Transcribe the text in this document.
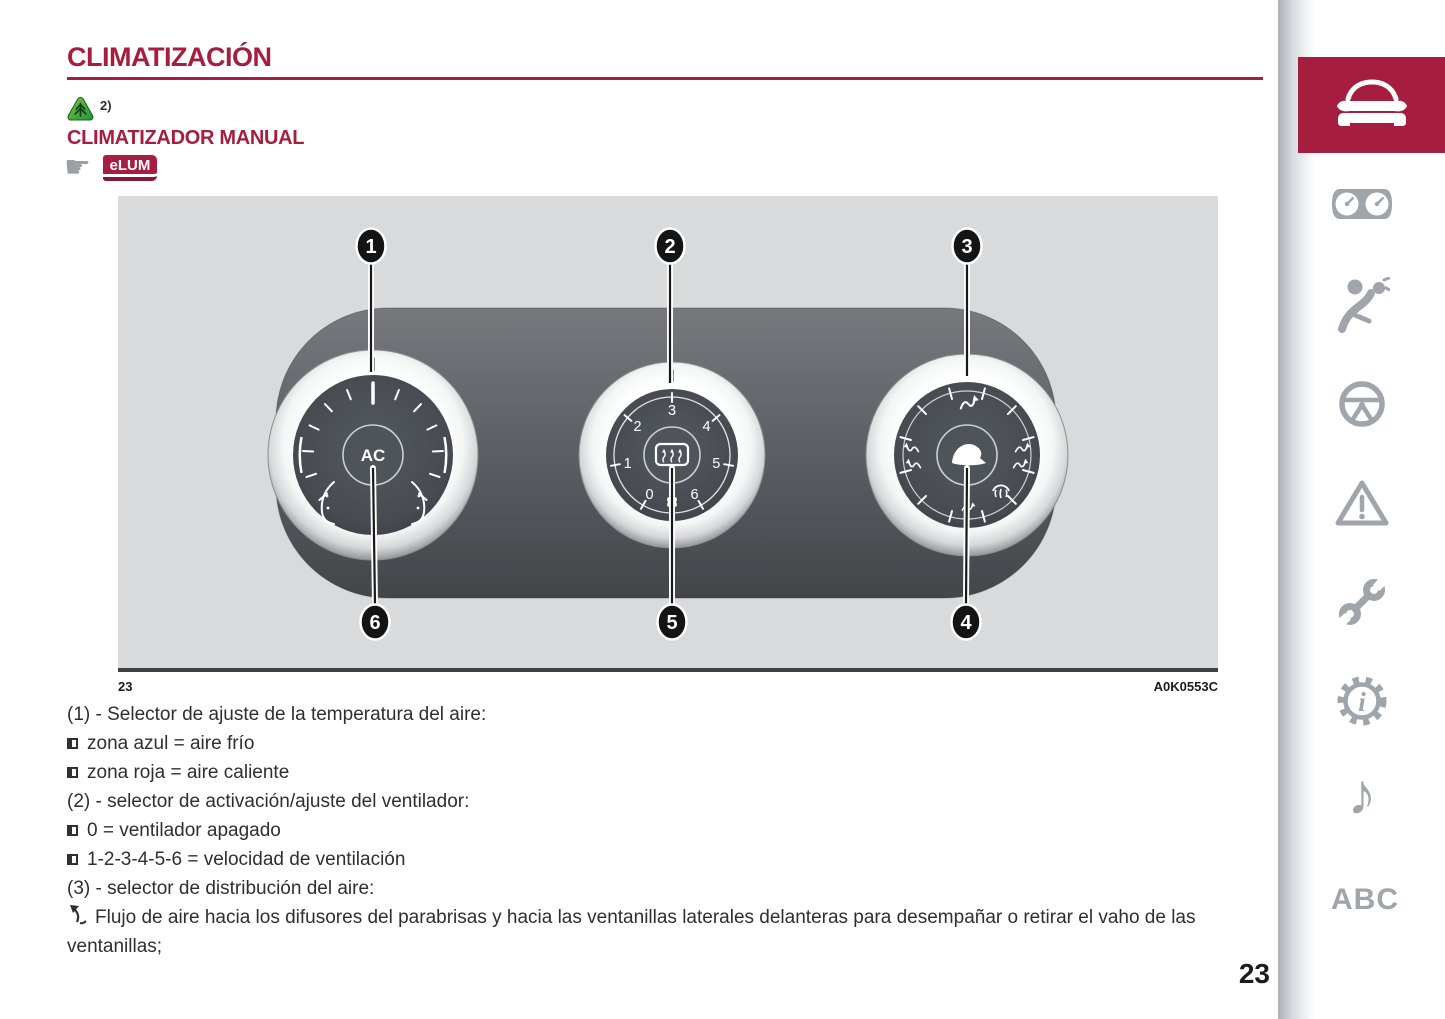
CLIMATIZACIÓN
2)
CLIMATIZADOR MANUAL
☛	eLUM
AC
0
1
2
3
4
5
6
1	2	3
6	5	4
23	A0K0553C
(1) - Selector de ajuste de la temperatura del aire:
zona azul = aire frío
zona roja = aire caliente
(2) - selector de activación/ajuste del ventilador:
0 = ventilador apagado
1-2-3-4-5-6 = velocidad de ventilación
(3) - selector de distribución del aire:
Flujo de aire hacia los difusores del parabrisas y hacia las ventanillas laterales delanteras para desempañar o retirar el vaho de las ventanillas;
23
i
♪
ABC
